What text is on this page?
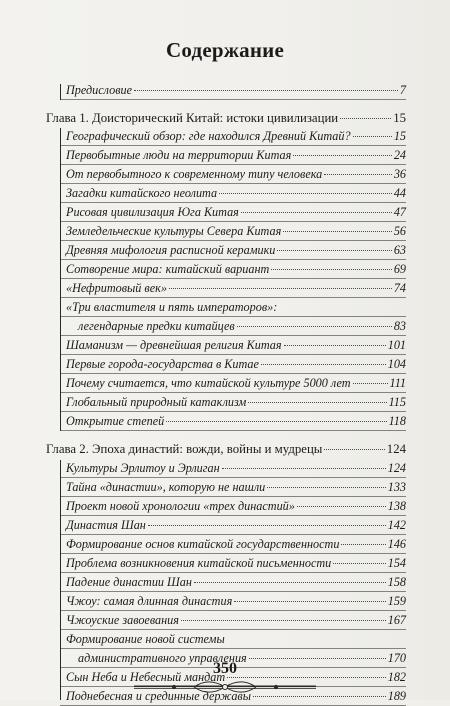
Содержание
Предисловие	7
Глава 1. Доисторический Китай: истоки цивилизации	15
Географический обзор: где находился Древний Китай?	15
Первобытные люди на территории Китая	24
От первобытного к современному типу человека	36
Загадки китайского неолита	44
Рисовая цивилизация Юга Китая	47
Земледельческие культуры Севера Китая	56
Древняя мифология расписной керамики	63
Сотворение мира: китайский вариант	69
«Нефритовый век»	74
«Три властителя и пять императоров»:
легендарные предки китайцев	83
Шаманизм — древнейшая религия Китая	101
Первые города-государства в Китае	104
Почему считается, что китайской культуре 5000 лет	111
Глобальный природный катаклизм	115
Открытие степей	118
Глава 2. Эпоха династий: вожди, войны и мудрецы	124
Культуры Эрлитоу и Эрлиган	124
Тайна «династии», которую не нашли	133
Проект новой хронологии «трех династий»	138
Династия Шан	142
Формирование основ китайской государственности	146
Проблема возникновения китайской письменности	154
Падение династии Шан	158
Чжоу: самая длинная династия	159
Чжоуские завоевания	167
Формирование новой системы
административного управления	170
Сын Неба и Небесный мандат	182
Поднебесная и срединные державы	189
350
